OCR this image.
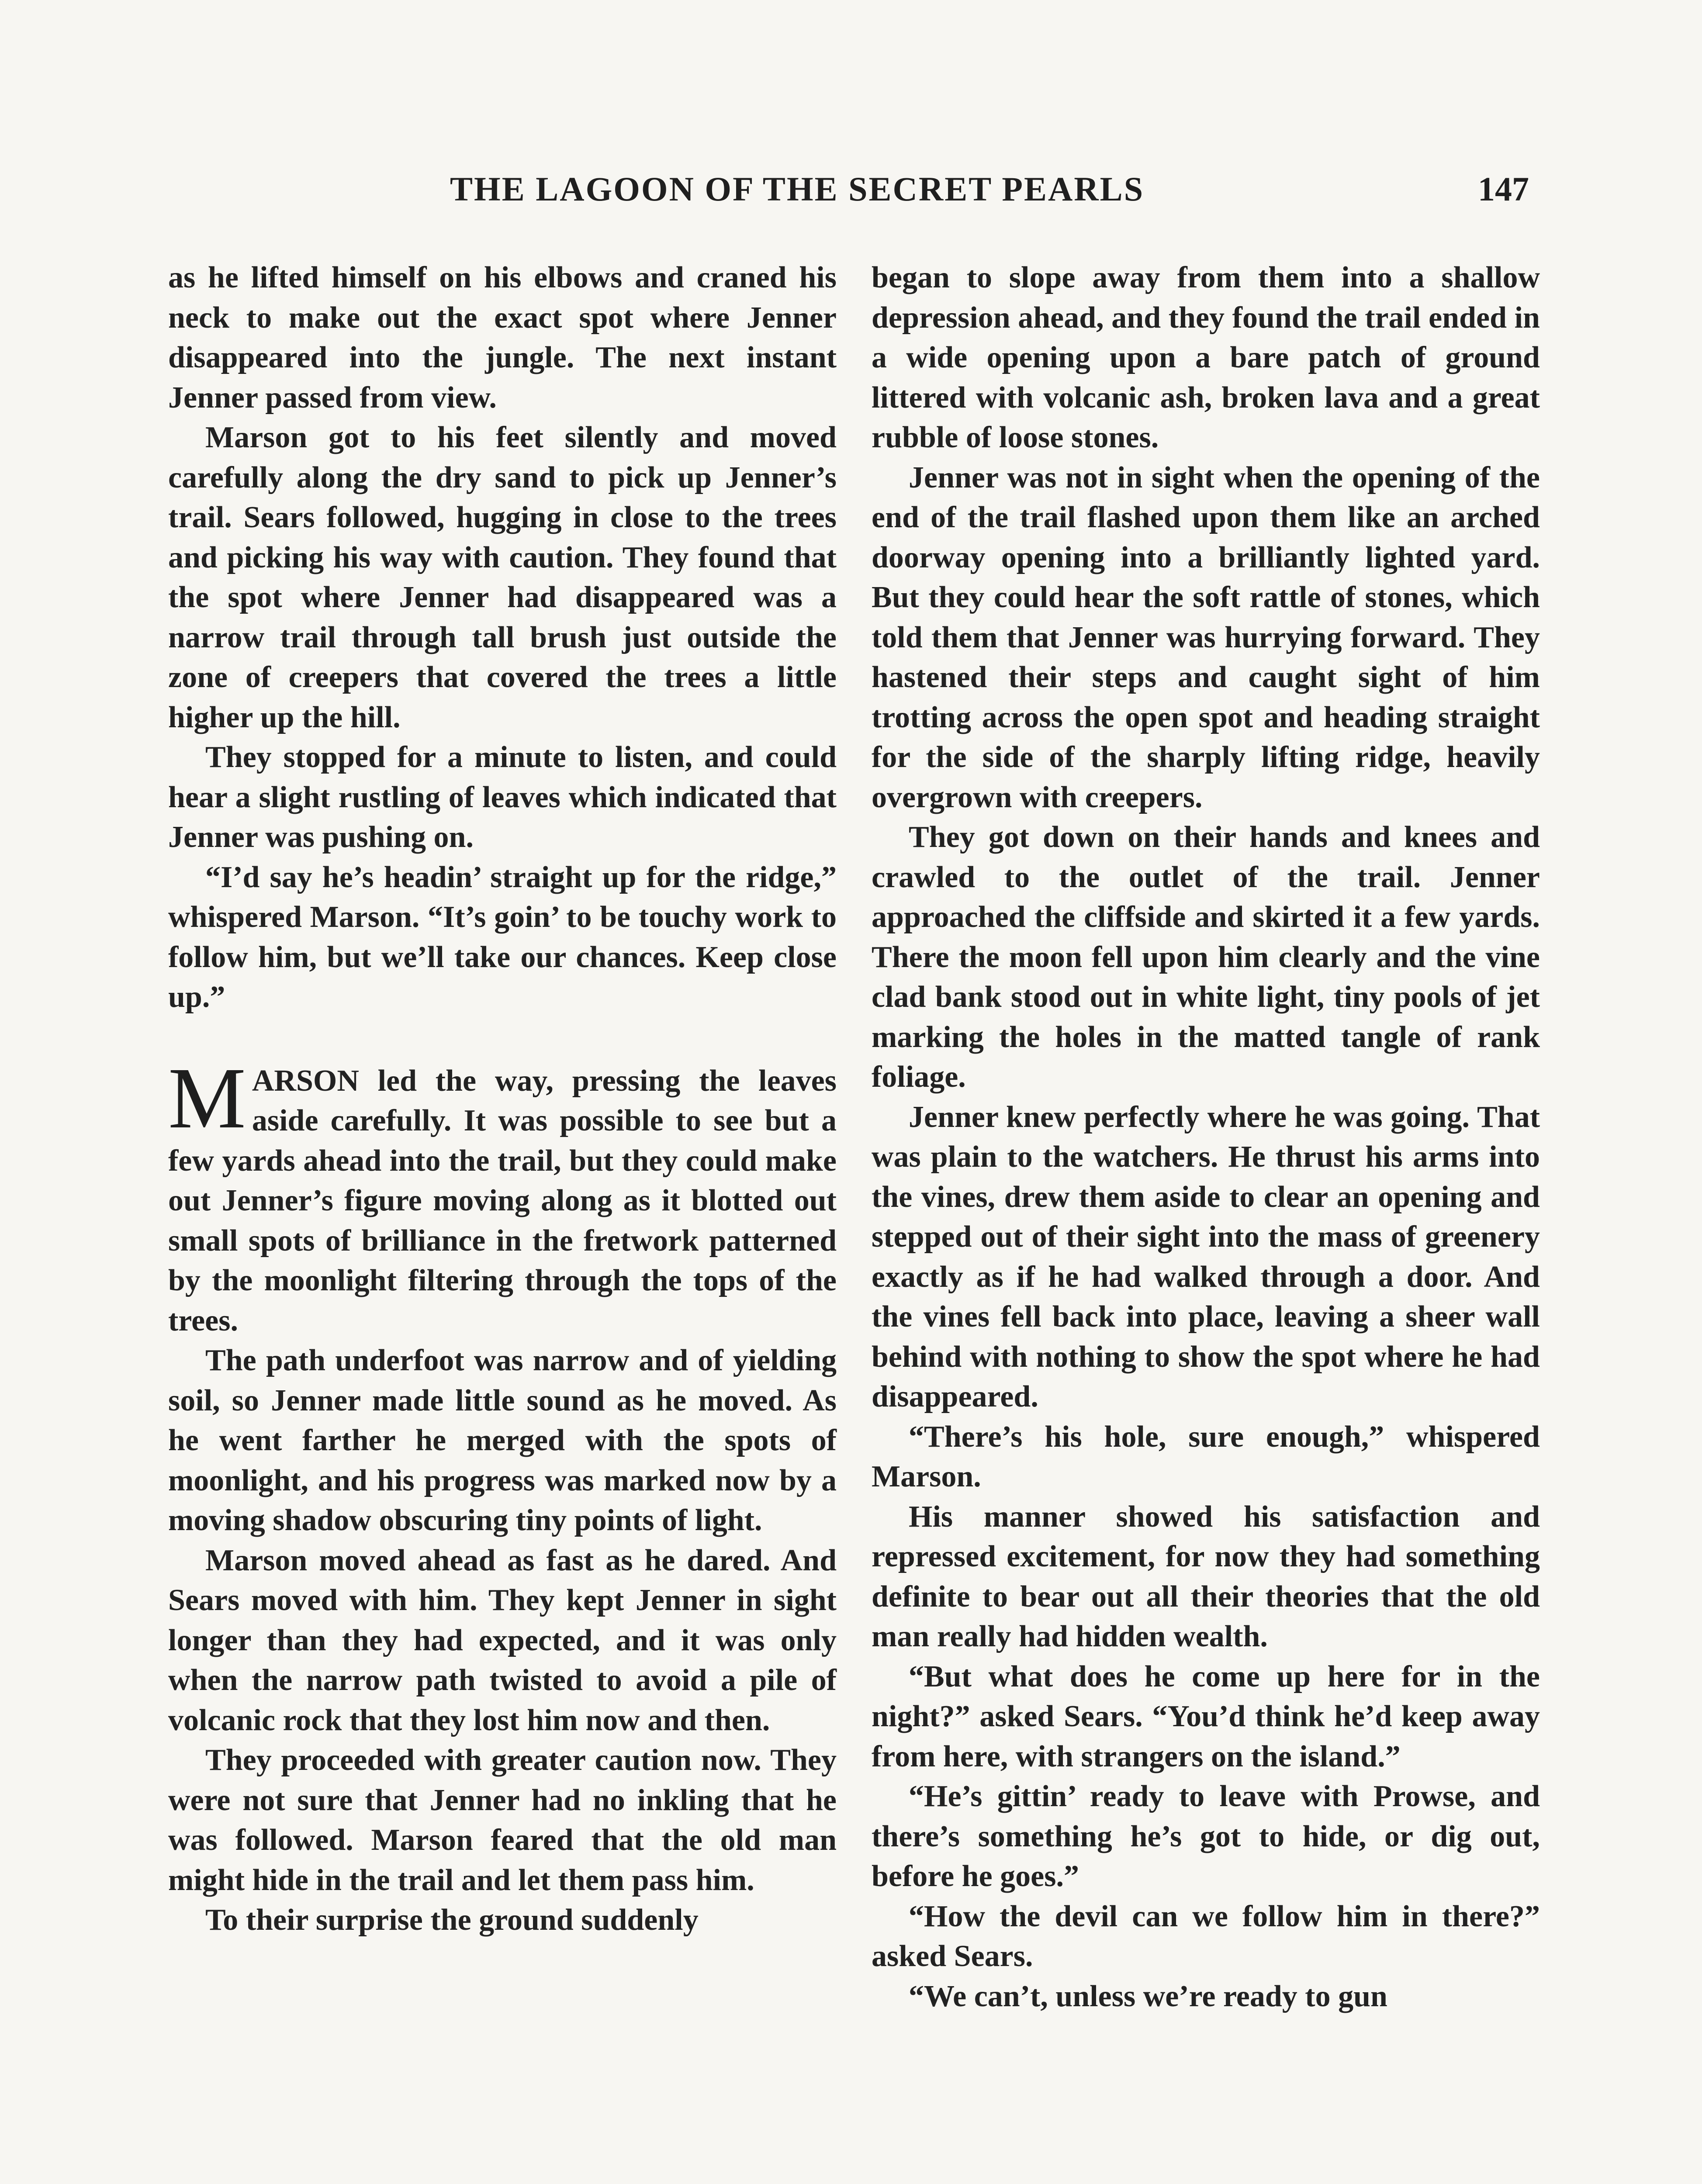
THE LAGOON OF THE SECRET PEARLS	147

as he lifted himself on his elbows and craned his neck to make out the exact spot where Jenner disappeared into the jungle. The next instant Jenner passed from view.

Marson got to his feet silently and moved carefully along the dry sand to pick up Jenner’s trail. Sears followed, hugging in close to the trees and picking his way with caution. They found that the spot where Jenner had disappeared was a narrow trail through tall brush just outside the zone of creepers that covered the trees a little higher up the hill.

They stopped for a minute to listen, and could hear a slight rustling of leaves which indicated that Jenner was pushing on.

“I’d say he’s headin’ straight up for the ridge,” whispered Marson. “It’s goin’ to be touchy work to follow him, but we’ll take our chances. Keep close up.”

MARSON led the way, pressing the leaves aside carefully. It was possible to see but a few yards ahead into the trail, but they could make out Jenner’s figure moving along as it blotted out small spots of brilliance in the fretwork patterned by the moonlight filtering through the tops of the trees.

The path underfoot was narrow and of yielding soil, so Jenner made little sound as he moved. As he went farther he merged with the spots of moonlight, and his progress was marked now by a moving shadow obscuring tiny points of light.

Marson moved ahead as fast as he dared. And Sears moved with him. They kept Jenner in sight longer than they had expected, and it was only when the narrow path twisted to avoid a pile of volcanic rock that they lost him now and then.

They proceeded with greater caution now. They were not sure that Jenner had no inkling that he was followed. Marson feared that the old man might hide in the trail and let them pass him.

To their surprise the ground suddenly

began to slope away from them into a shallow depression ahead, and they found the trail ended in a wide opening upon a bare patch of ground littered with volcanic ash, broken lava and a great rubble of loose stones.

Jenner was not in sight when the opening of the end of the trail flashed upon them like an arched doorway opening into a brilliantly lighted yard. But they could hear the soft rattle of stones, which told them that Jenner was hurrying forward. They hastened their steps and caught sight of him trotting across the open spot and heading straight for the side of the sharply lifting ridge, heavily overgrown with creepers.

They got down on their hands and knees and crawled to the outlet of the trail. Jenner approached the cliffside and skirted it a few yards. There the moon fell upon him clearly and the vine clad bank stood out in white light, tiny pools of jet marking the holes in the matted tangle of rank foliage.

Jenner knew perfectly where he was going. That was plain to the watchers. He thrust his arms into the vines, drew them aside to clear an opening and stepped out of their sight into the mass of greenery exactly as if he had walked through a door. And the vines fell back into place, leaving a sheer wall behind with nothing to show the spot where he had disappeared.

“There’s his hole, sure enough,” whispered Marson.

His manner showed his satisfaction and repressed excitement, for now they had something definite to bear out all their theories that the old man really had hidden wealth.

“But what does he come up here for in the night?” asked Sears. “You’d think he’d keep away from here, with strangers on the island.”

“He’s gittin’ ready to leave with Prowse, and there’s something he’s got to hide, or dig out, before he goes.”

“How the devil can we follow him in there?” asked Sears.

“We can’t, unless we’re ready to gun
